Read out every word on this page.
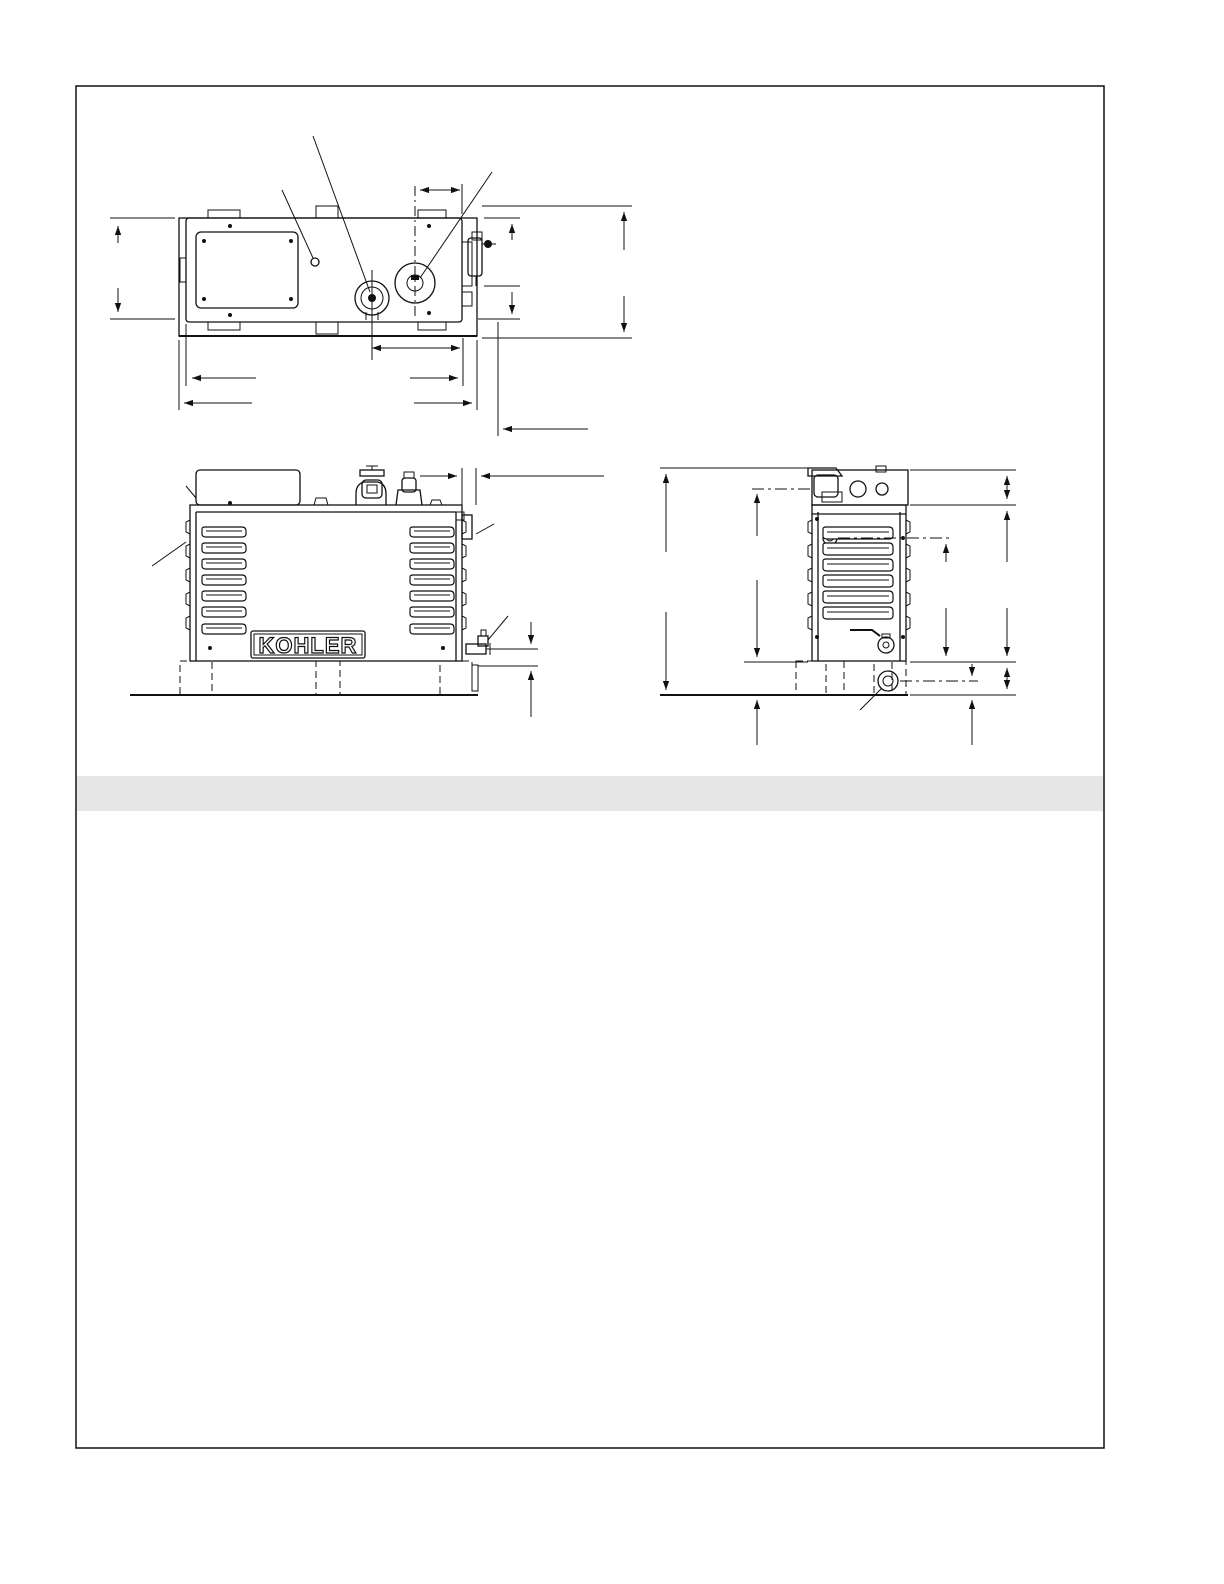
KOHLER
